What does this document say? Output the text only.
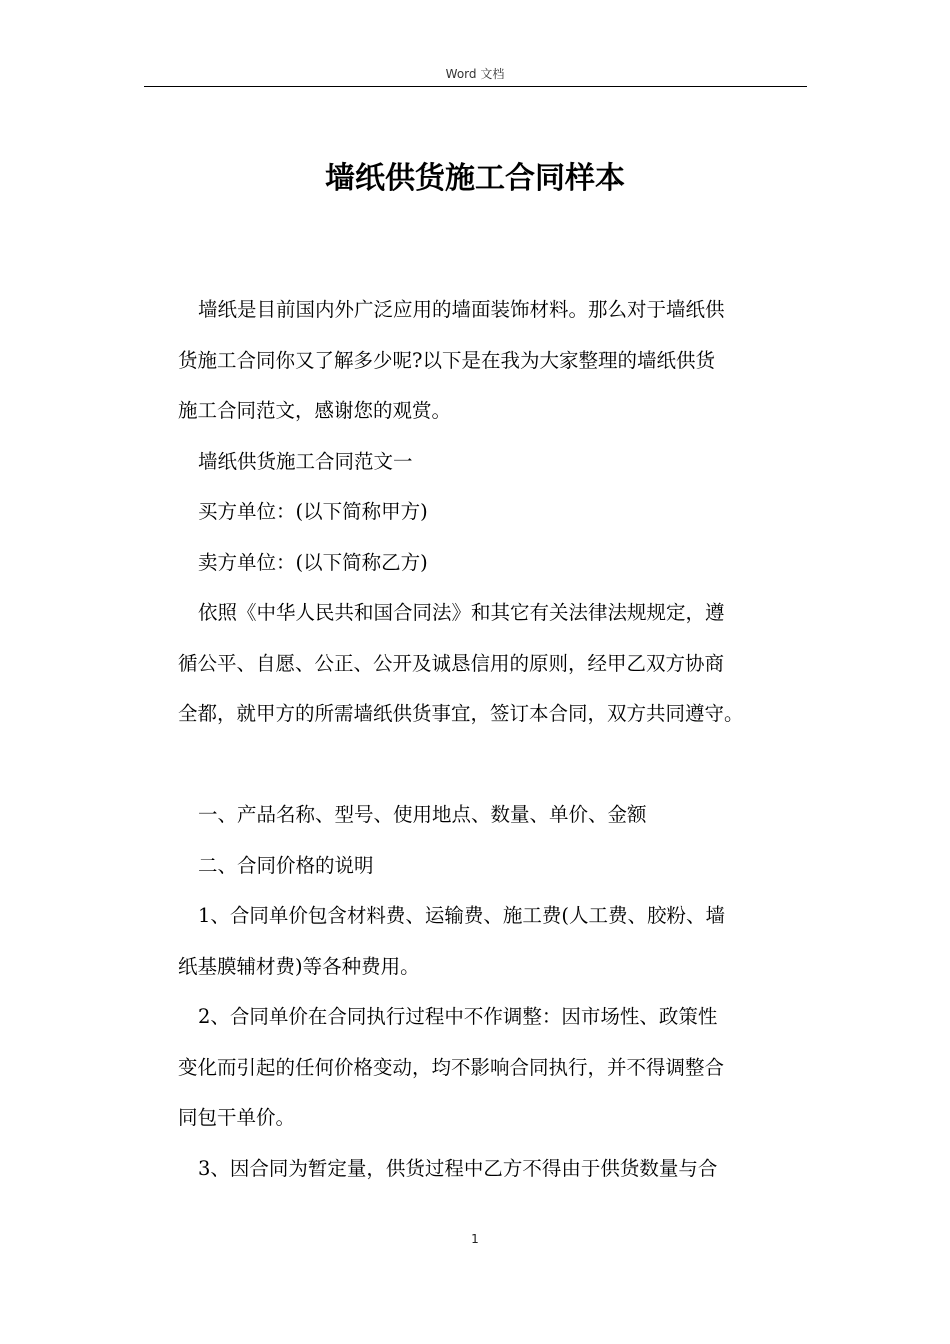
Word 文档
墙纸供货施工合同样本

墙纸是目前国内外广泛应用的墙面装饰材料。那么对于墙纸供
货施工合同你又了解多少呢?以下是在我为大家整理的墙纸供货
施工合同范文，感谢您的观赏。

墙纸供货施工合同范文一

买方单位：(以下简称甲方)

卖方单位：(以下简称乙方)

依照《中华人民共和国合同法》和其它有关法律法规规定，遵
循公平、自愿、公正、公开及诚恳信用的原则，经甲乙双方协商
全都，就甲方的所需墙纸供货事宜，签订本合同，双方共同遵守。

一、产品名称、型号、使用地点、数量、单价、金额

二、合同价格的说明

1、合同单价包含材料费、运输费、施工费(人工费、胶粉、墙
纸基膜辅材费)等各种费用。

2、合同单价在合同执行过程中不作调整：因市场性、政策性
变化而引起的任何价格变动，均不影响合同执行，并不得调整合
同包干单价。

3、因合同为暂定量，供货过程中乙方不得由于供货数量与合

1
